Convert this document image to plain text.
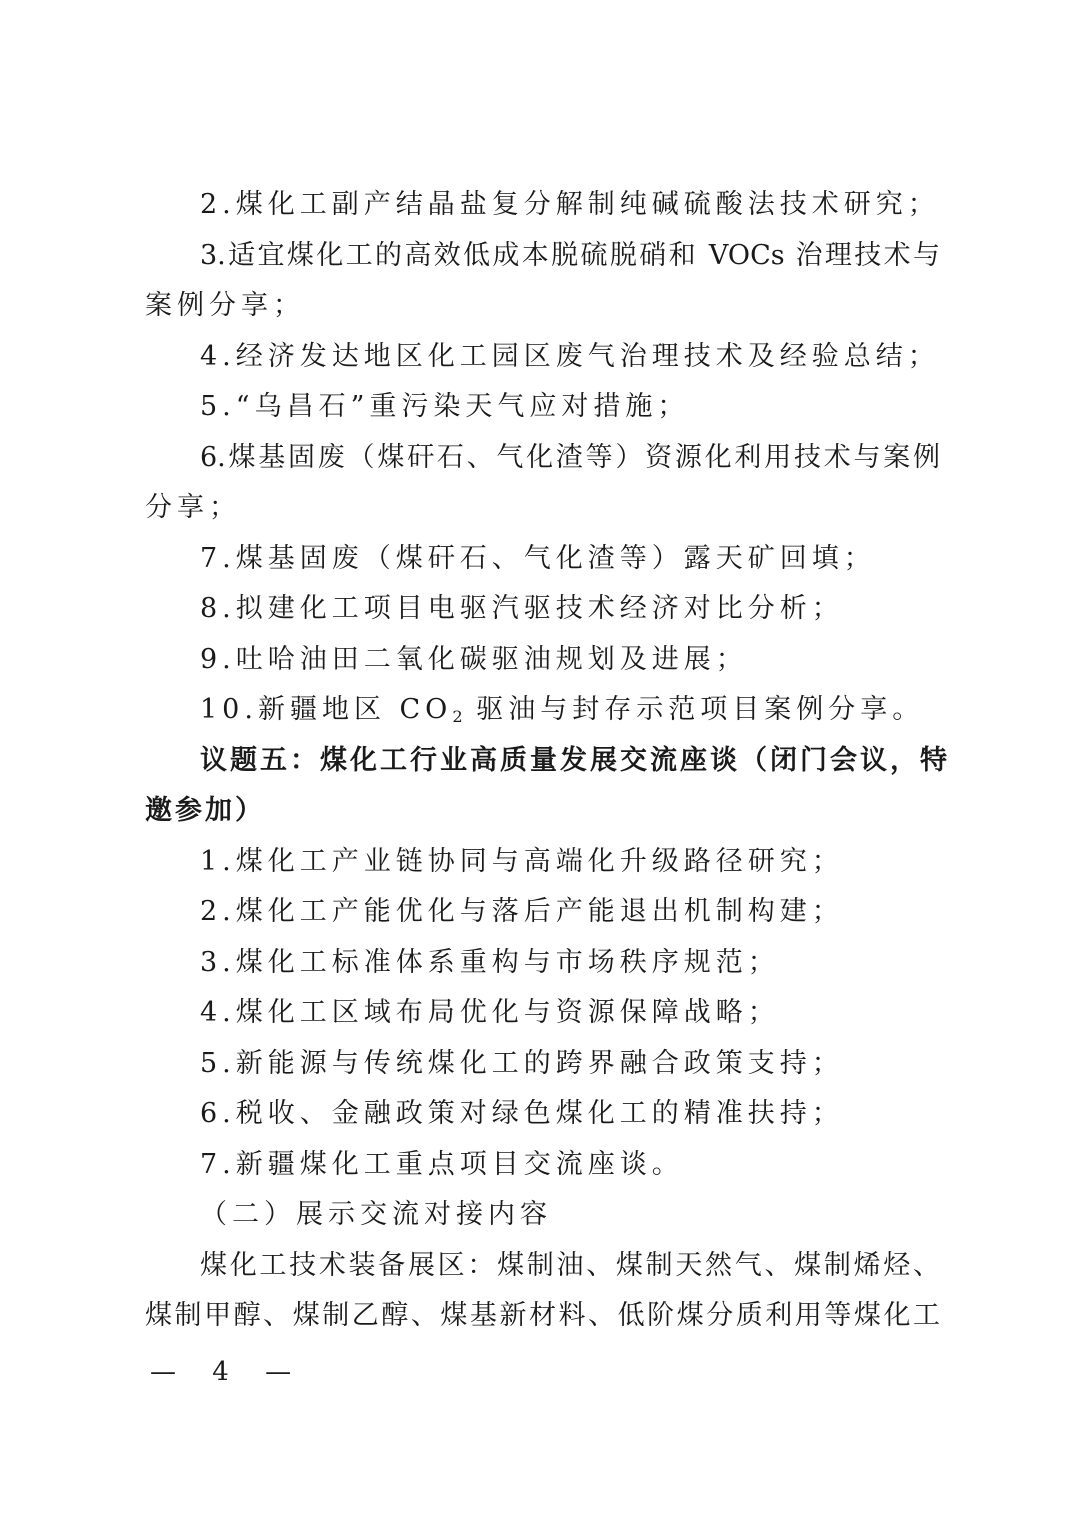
2.煤化工副产结晶盐复分解制纯碱硫酸法技术研究；
3.适宜煤化工的高效低成本脱硫脱硝和 VOCs 治理技术与
案例分享；
4.经济发达地区化工园区废气治理技术及经验总结；
5.“乌昌石”重污染天气应对措施；
6.煤基固废（煤矸石、气化渣等）资源化利用技术与案例
分享；
7.煤基固废（煤矸石、气化渣等）露天矿回填；
8.拟建化工项目电驱汽驱技术经济对比分析；
9.吐哈油田二氧化碳驱油规划及进展；
10.新疆地区 $CO_2$ 驱油与封存示范项目案例分享。
议题五：煤化工行业高质量发展交流座谈（闭门会议，特
邀参加）
1.煤化工产业链协同与高端化升级路径研究；
2.煤化工产能优化与落后产能退出机制构建；
3.煤化工标准体系重构与市场秩序规范；
4.煤化工区域布局优化与资源保障战略；
5.新能源与传统煤化工的跨界融合政策支持；
6.税收、金融政策对绿色煤化工的精准扶持；
7.新疆煤化工重点项目交流座谈。
（二）展示交流对接内容
煤化工技术装备展区：煤制油、煤制天然气、煤制烯烃、
煤制甲醇、煤制乙醇、煤基新材料、低阶煤分质利用等煤化工
— 4 —
